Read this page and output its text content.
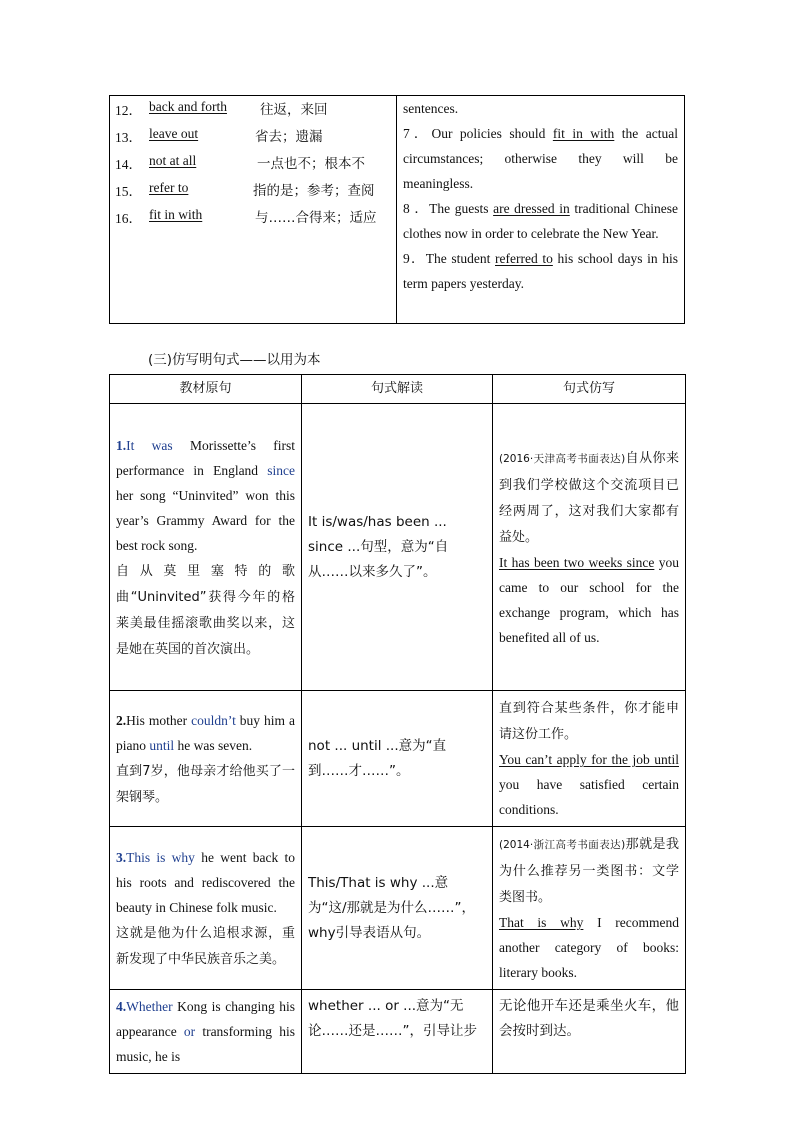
12． back and forth 往返，来回
13． leave out	省去；遗漏
14． not at all	一点也不；根本不
15． refer to	指的是；参考；查阅
16． fit in with	与……合得来；适应

sentences.

7．Our policies should fit in with the actual circumstances; otherwise they will be meaningless.

8 ．The guests are dressed in traditional Chinese clothes now in order to celebrate the New Year.

9．The student referred to his school days in his term papers yesterday.

(三)仿写明句式——以用为本
教材原句	句式解读	句式仿写
1.It was Morissette’s first performance in England since her song “Uninvited” won this year’s Grammy Award for the best rock song.
自从莫里塞特的歌曲“Uninvited”获得今年的格莱美最佳摇滚歌曲奖以来，这是她在英国的首次演出。	It is/was/has been ... since ...句型，意为“自从……以来多久了”。	(2016·天津高考书面表达)自从你来到我们学校做这个交流项目已经两周了，这对我们大家都有益处。
It has been two weeks since you came to our school for the exchange program, which has benefited all of us.
2.His mother couldn’t buy him a piano until he was seven.
直到7岁，他母亲才给他买了一架钢琴。	not ... until ...意为“直到……才……”。	直到符合某些条件，你才能申请这份工作。
You can’t apply for the job until you have satisfied certain conditions.
3.This is why he went back to his roots and rediscovered the beauty in Chinese folk music.
这就是他为什么追根求源，重新发现了中华民族音乐之美。	This/That is why ...意为“这/那就是为什么……”，why引导表语从句。	(2014·浙江高考书面表达)那就是我为什么推荐另一类图书：文学类图书。
That is why I recommend another category of books: literary books.
4.Whether Kong is changing his appearance or transforming his music, he is	whether ... or ...意为“无论……还是……”，引导让步	无论他开车还是乘坐火车，他会按时到达。
